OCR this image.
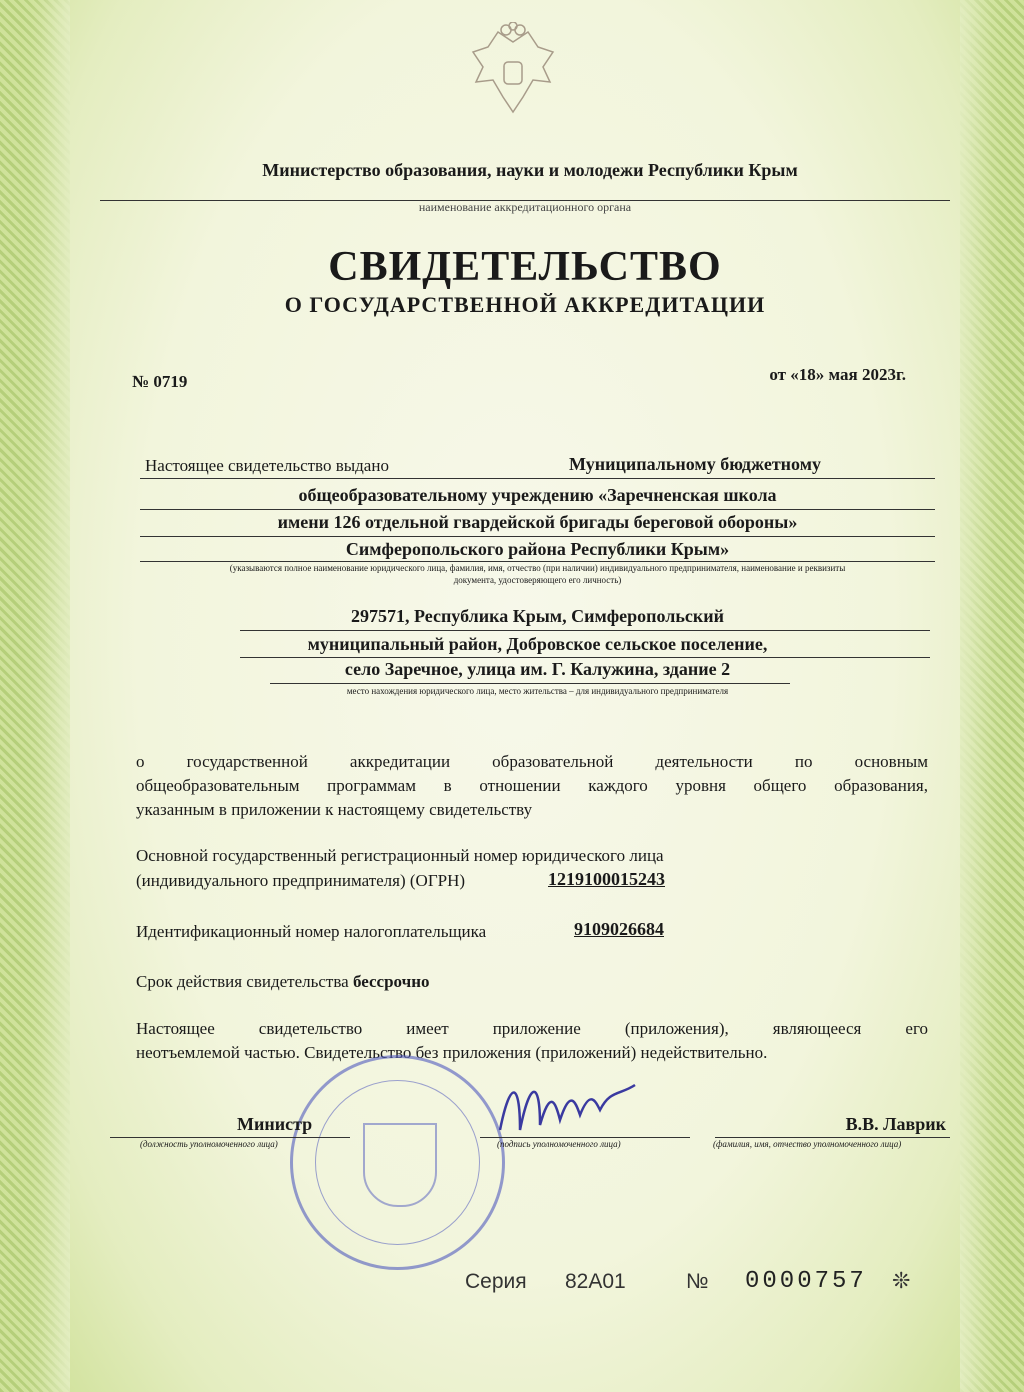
Министерство образования, науки и молодежи Республики Крым
наименование аккредитационного органа
СВИДЕТЕЛЬСТВО
О ГОСУДАРСТВЕННОЙ АККРЕДИТАЦИИ
№ 0719	от «18» мая 2023г.
Настоящее свидетельство выдано	Муниципальному бюджетному
общеобразовательному учреждению «Заречненская школа
имени 126 отдельной гвардейской бригады береговой обороны»
Симферопольского района Республики Крым»
(указываются полное наименование юридического лица, фамилия, имя, отчество (при наличии) индивидуального предпринимателя, наименование и реквизиты
документа, удостоверяющего его личность)
297571, Республика Крым, Симферопольский
муниципальный район, Добровское сельское поселение,
село Заречное, улица им. Г. Калужина, здание 2
место нахождения юридического лица, место жительства – для индивидуального предпринимателя
о государственной аккредитации образовательной деятельности по основным
общеобразовательным программам в отношении каждого уровня общего образования,
указанным в приложении к настоящему свидетельству
Основной государственный регистрационный номер юридического лица
(индивидуального предпринимателя) (ОГРН)	1219100015243
Идентификационный номер налогоплательщика	9109026684
Срок действия свидетельства бессрочно
Настоящее свидетельство имеет приложение (приложения), являющееся его
неотъемлемой частью. Свидетельство без приложения (приложений) недействительно.
Министр
(должность уполномоченного лица)	(подпись уполномоченного лица)
В.В. Лаврик
(фамилия, имя, отчество уполномоченного лица)
Серия 82А01	№ 0000757 ❊
